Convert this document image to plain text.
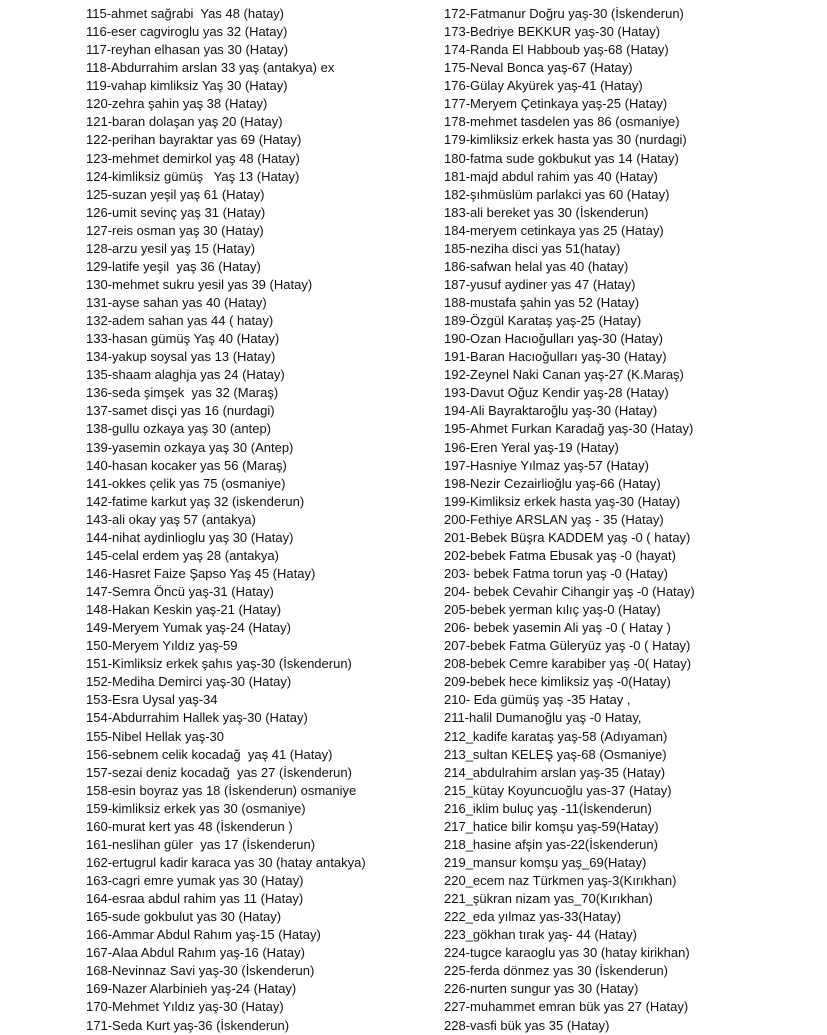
115-ahmet sağrabi  Yas 48 (hatay)
116-eser cagviroglu yas 32 (Hatay)
117-reyhan elhasan yas 30 (Hatay)
118-Abdurrahim arslan 33 yaş (antakya) ex
119-vahap kimliksiz Yaş 30 (Hatay)
120-zehra şahin yaş 38 (Hatay)
121-baran dolaşan yaş 20 (Hatay)
122-perihan bayraktar yas 69 (Hatay)
123-mehmet demirkol yaş 48 (Hatay)
124-kimliksiz gümüş   Yaş 13 (Hatay)
125-suzan yeşil yaş 61 (Hatay)
126-umit sevinç yaş 31 (Hatay)
127-reis osman yaş 30 (Hatay)
128-arzu yesil yaş 15 (Hatay)
129-latife yeşil  yaş 36 (Hatay)
130-mehmet sukru yesil yas 39 (Hatay)
131-ayse sahan yas 40 (Hatay)
132-adem sahan yas 44 ( hatay)
133-hasan gümüş Yaş 40 (Hatay)
134-yakup soysal yas 13 (Hatay)
135-shaam alaghja yas 24 (Hatay)
136-seda şimşek  yas 32 (Maraş)
137-samet disçi yas 16 (nurdagi)
138-gullu ozkaya yaş 30 (antep)
139-yasemin ozkaya yaş 30 (Antep)
140-hasan kocaker yas 56 (Maraş)
141-okkes çelik yas 75 (osmaniye)
142-fatime karkut yaş 32 (iskenderun)
143-ali okay yaş 57 (antakya)
144-nihat aydinlioglu yaş 30 (Hatay)
145-celal erdem yaş 28 (antakya)
146-Hasret Faize Şapso Yaş 45 (Hatay)
147-Semra Öncü yaş-31 (Hatay)
148-Hakan Keskin yaş-21 (Hatay)
149-Meryem Yumak yaş-24 (Hatay)
150-Meryem Yıldız yaş-59
151-Kimliksiz erkek şahıs yaş-30 (İskenderun)
152-Mediha Demirci yaş-30 (Hatay)
153-Esra Uysal yaş-34
154-Abdurrahim Hallek yaş-30 (Hatay)
155-Nibel Hellak yaş-30
156-sebnem celik kocadağ  yaş 41 (Hatay)
157-sezai deniz kocadağ  yas 27 (İskenderun)
158-esin boyraz yas 18 (İskenderun) osmaniye
159-kimliksiz erkek yas 30 (osmaniye)
160-murat kert yas 48 (İskenderun )
161-neslihan güler  yas 17 (İskenderun)
162-ertugrul kadir karaca yas 30 (hatay antakya)
163-cagri emre yumak yas 30 (Hatay)
164-esraa abdul rahim yas 11 (Hatay)
165-sude gokbulut yas 30 (Hatay)
166-Ammar Abdul Rahım yaş-15 (Hatay)
167-Alaa Abdul Rahım yaş-16 (Hatay)
168-Nevinnaz Savi yaş-30 (İskenderun)
169-Nazer Alarbinieh yaş-24 (Hatay)
170-Mehmet Yıldız yaş-30 (Hatay)
171-Seda Kurt yaş-36 (İskenderun)
172-Fatmanur Doğru yaş-30 (İskenderun)
173-Bedriye BEKKUR yaş-30 (Hatay)
174-Randa El Habboub yaş-68 (Hatay)
175-Neval Bonca yaş-67 (Hatay)
176-Gülay Akyürek yaş-41 (Hatay)
177-Meryem Çetinkaya yaş-25 (Hatay)
178-mehmet tasdelen yas 86 (osmaniye)
179-kimliksiz erkek hasta yas 30 (nurdagi)
180-fatma sude gokbukut yas 14 (Hatay)
181-majd abdul rahim yas 40 (Hatay)
182-şıhmüslüm parlakci yas 60 (Hatay)
183-ali bereket yas 30 (İskenderun)
184-meryem cetinkaya yas 25 (Hatay)
185-neziha disci yas 51(hatay)
186-safwan helal yas 40 (hatay)
187-yusuf aydiner yas 47 (Hatay)
188-mustafa şahin yas 52 (Hatay)
189-Özgül Karataş yaş-25 (Hatay)
190-Ozan Hacıoğulları yaş-30 (Hatay)
191-Baran Hacıoğulları yaş-30 (Hatay)
192-Zeynel Naki Canan yaş-27 (K.Maraş)
193-Davut Oğuz Kendir yaş-28 (Hatay)
194-Ali Bayraktaroğlu yaş-30 (Hatay)
195-Ahmet Furkan Karadağ yaş-30 (Hatay)
196-Eren Yeral yaş-19 (Hatay)
197-Hasniye Yılmaz yaş-57 (Hatay)
198-Nezir Cezairlioğlu yaş-66 (Hatay)
199-Kimliksiz erkek hasta yaş-30 (Hatay)
200-Fethiye ARSLAN yaş - 35 (Hatay)
201-Bebek Büşra KADDEM yaş -0 ( hatay)
202-bebek Fatma Ebusak yaş -0 (hayat)
203- bebek Fatma torun yaş -0 (Hatay)
204- bebek Cevahir Cihangir yaş -0 (Hatay)
205-bebek yerman kılıç yaş-0 (Hatay)
206- bebek yasemin Ali yaş -0 ( Hatay )
207-bebek Fatma Güleryüz yaş -0 ( Hatay)
208-bebek Cemre karabiber yaş -0( Hatay)
209-bebek hece kimliksiz yaş -0(Hatay)
210- Eda gümüş yaş -35 Hatay ,
211-halil Dumanoğlu yaş -0 Hatay,
212_kadife karataş yaş-58 (Adıyaman)
213_sultan KELEŞ yaş-68 (Osmaniye)
214_abdulrahim arslan yaş-35 (Hatay)
215_kütay Koyuncuoğlu yas-37 (Hatay)
216_iklim buluç yaş -11(İskenderun)
217_hatice bilir komşu yaş-59(Hatay)
218_hasine afşin yas-22(İskenderun)
219_mansur komşu yaş_69(Hatay)
220_ecem naz Türkmen yaş-3(Kırıkhan)
221_şükran nizam yas_70(Kırıkhan)
222_eda yılmaz yas-33(Hatay)
223_gökhan tırak yaş- 44 (Hatay)
224-tugce karaoglu yas 30 (hatay kirikhan)
225-ferda dönmez yas 30 (İskenderun)
226-nurten sungur yas 30 (Hatay)
227-muhammet emran bük yas 27 (Hatay)
228-vasfi bük yas 35 (Hatay)
